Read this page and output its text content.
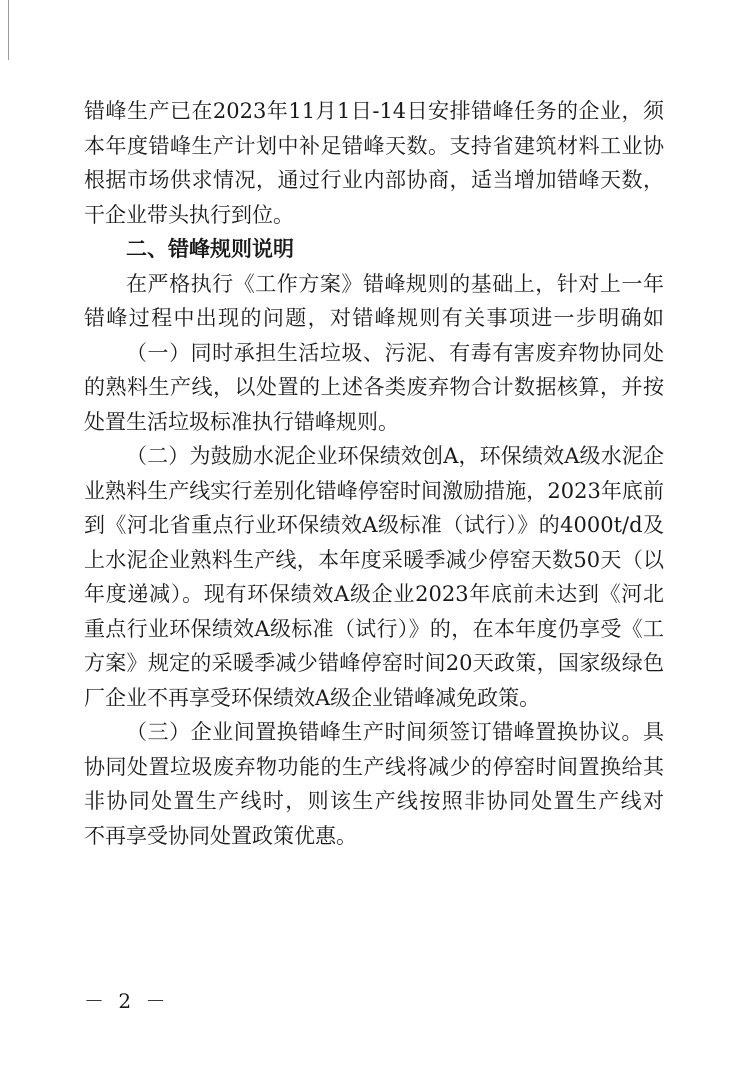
错峰生产已在2023年11月1日-14日安排错峰任务的企业，须
本年度错峰生产计划中补足错峰天数。支持省建筑材料工业协
根据市场供求情况，通过行业内部协商，适当增加错峰天数，
干企业带头执行到位。
二、错峰规则说明
在严格执行《工作方案》错峰规则的基础上，针对上一年
错峰过程中出现的问题，对错峰规则有关事项进一步明确如
（一）同时承担生活垃圾、污泥、有毒有害废弃物协同处
的熟料生产线，以处置的上述各类废弃物合计数据核算，并按
处置生活垃圾标准执行错峰规则。
（二）为鼓励水泥企业环保绩效创A，环保绩效A级水泥企
业熟料生产线实行差别化错峰停窑时间激励措施，2023年底前
到《河北省重点行业环保绩效A级标准（试行）》的4000t/d及
上水泥企业熟料生产线，本年度采暖季减少停窑天数50天（以
年度递减）。现有环保绩效A级企业2023年底前未达到《河北
重点行业环保绩效A级标准（试行）》的，在本年度仍享受《工
方案》规定的采暖季减少错峰停窑时间20天政策，国家级绿色
厂企业不再享受环保绩效A级企业错峰减免政策。
（三）企业间置换错峰生产时间须签订错峰置换协议。具
协同处置垃圾废弃物功能的生产线将减少的停窑时间置换给其
非协同处置生产线时，则该生产线按照非协同处置生产线对
不再享受协同处置政策优惠。
－ 2 －
